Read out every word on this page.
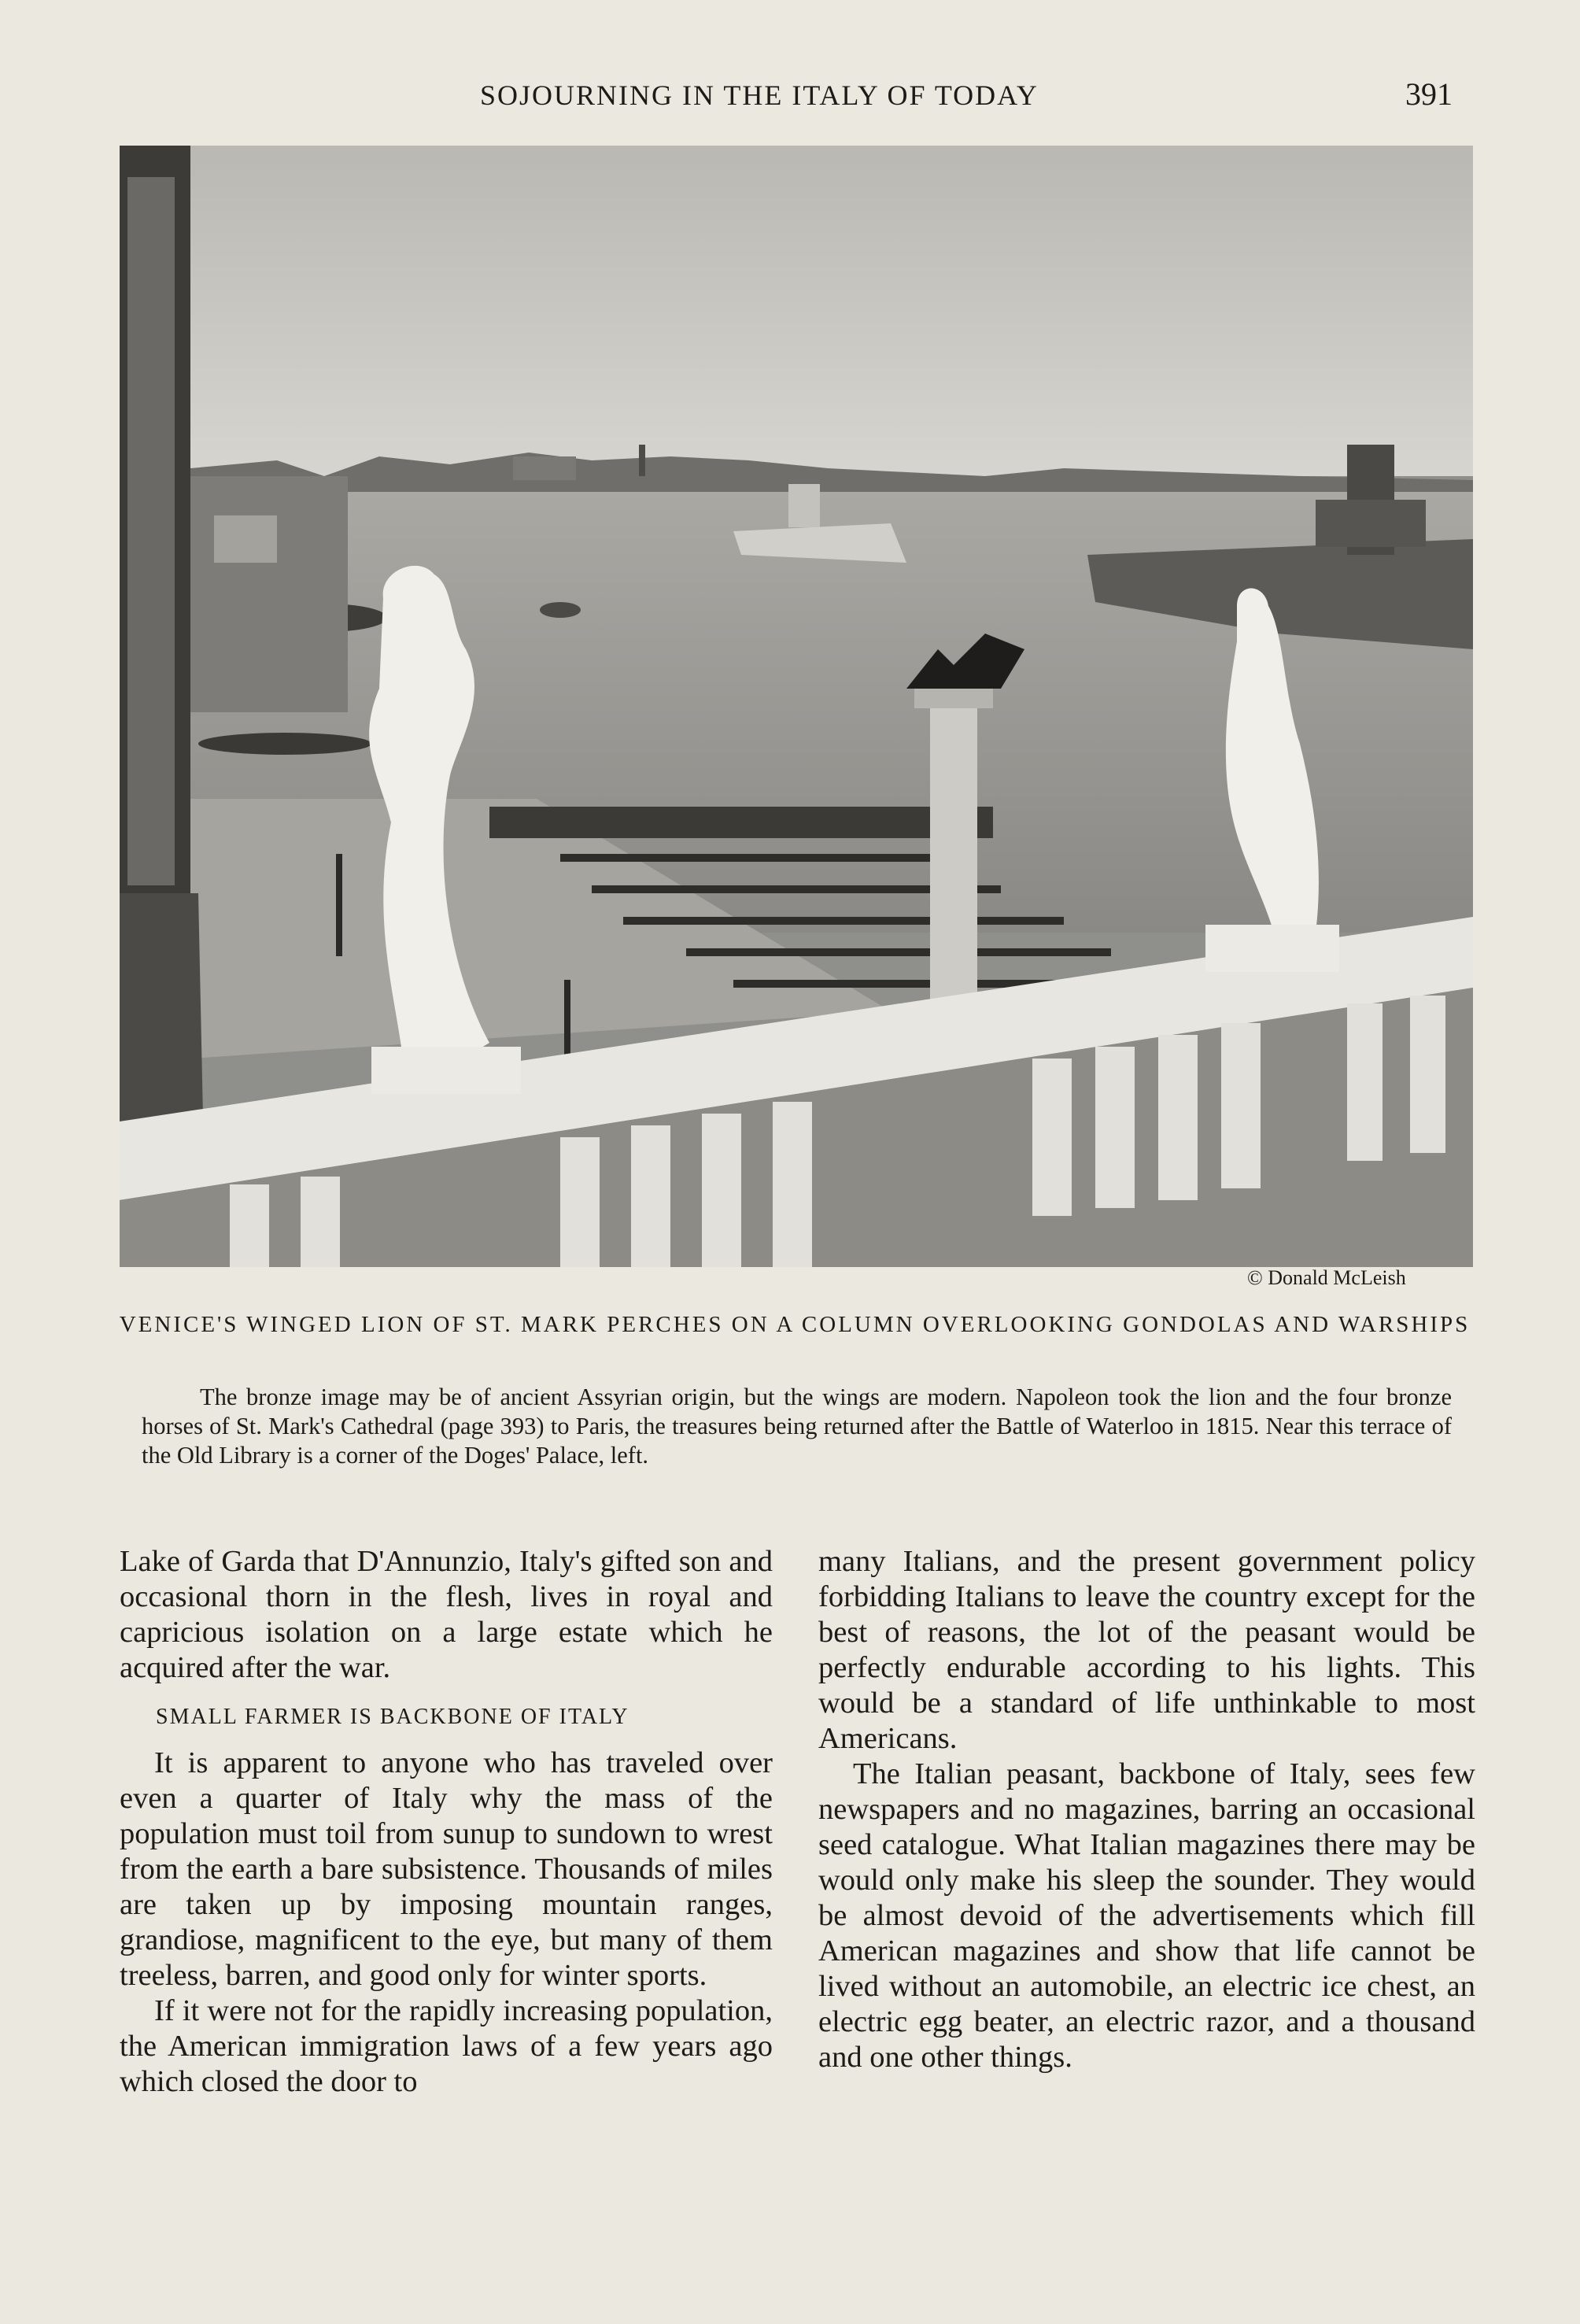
SOJOURNING IN THE ITALY OF TODAY	391
© Donald McLeish
VENICE'S WINGED LION OF ST. MARK PERCHES ON A COLUMN OVERLOOKING GONDOLAS AND WARSHIPS
The bronze image may be of ancient Assyrian origin, but the wings are modern. Napoleon took the lion and the four bronze horses of St. Mark's Cathedral (page 393) to Paris, the treasures being returned after the Battle of Waterloo in 1815. Near this terrace of the Old Library is a corner of the Doges' Palace, left.

Lake of Garda that D'Annunzio, Italy's gifted son and occasional thorn in the flesh, lives in royal and capricious isolation on a large estate which he acquired after the war.

SMALL FARMER IS BACKBONE OF ITALY

It is apparent to anyone who has traveled over even a quarter of Italy why the mass of the population must toil from sunup to sundown to wrest from the earth a bare subsistence. Thousands of miles are taken up by imposing mountain ranges, grandiose, magnificent to the eye, but many of them treeless, barren, and good only for winter sports.

If it were not for the rapidly increasing population, the American immigration laws of a few years ago which closed the door to

many Italians, and the present government policy forbidding Italians to leave the country except for the best of reasons, the lot of the peasant would be perfectly endurable according to his lights. This would be a standard of life unthinkable to most Americans.

The Italian peasant, backbone of Italy, sees few newspapers and no magazines, barring an occasional seed catalogue. What Italian magazines there may be would only make his sleep the sounder. They would be almost devoid of the advertisements which fill American magazines and show that life cannot be lived without an automobile, an electric ice chest, an electric egg beater, an electric razor, and a thousand and one other things.
